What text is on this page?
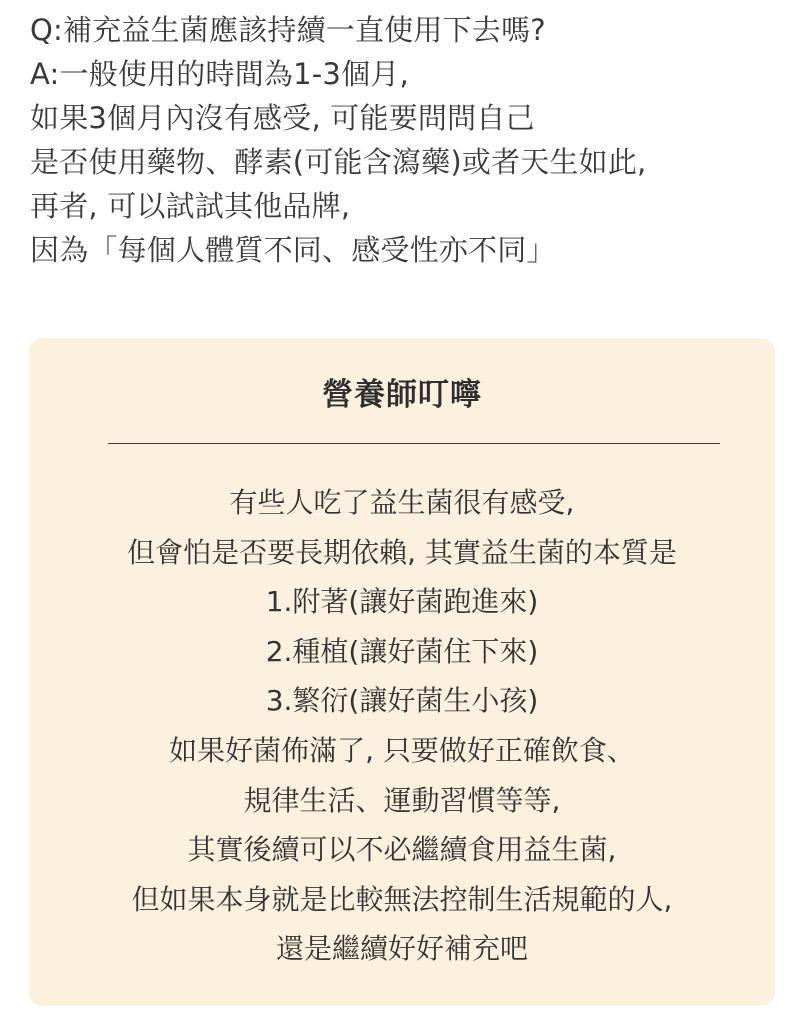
Q:補充益生菌應該持續一直使用下去嗎?
A:一般使用的時間為1-3個月,
如果3個月內沒有感受, 可能要問問自己
是否使用藥物、酵素(可能含瀉藥)或者天生如此,
再者, 可以試試其他品牌,
因為「每個人體質不同、感受性亦不同」
營養師叮嚀
有些人吃了益生菌很有感受,
但會怕是否要長期依賴, 其實益生菌的本質是
1.附著(讓好菌跑進來)
2.種植(讓好菌住下來)
3.繁衍(讓好菌生小孩)
如果好菌佈滿了, 只要做好正確飲食、
規律生活、運動習慣等等,
其實後續可以不必繼續食用益生菌,
但如果本身就是比較無法控制生活規範的人,
還是繼續好好補充吧
